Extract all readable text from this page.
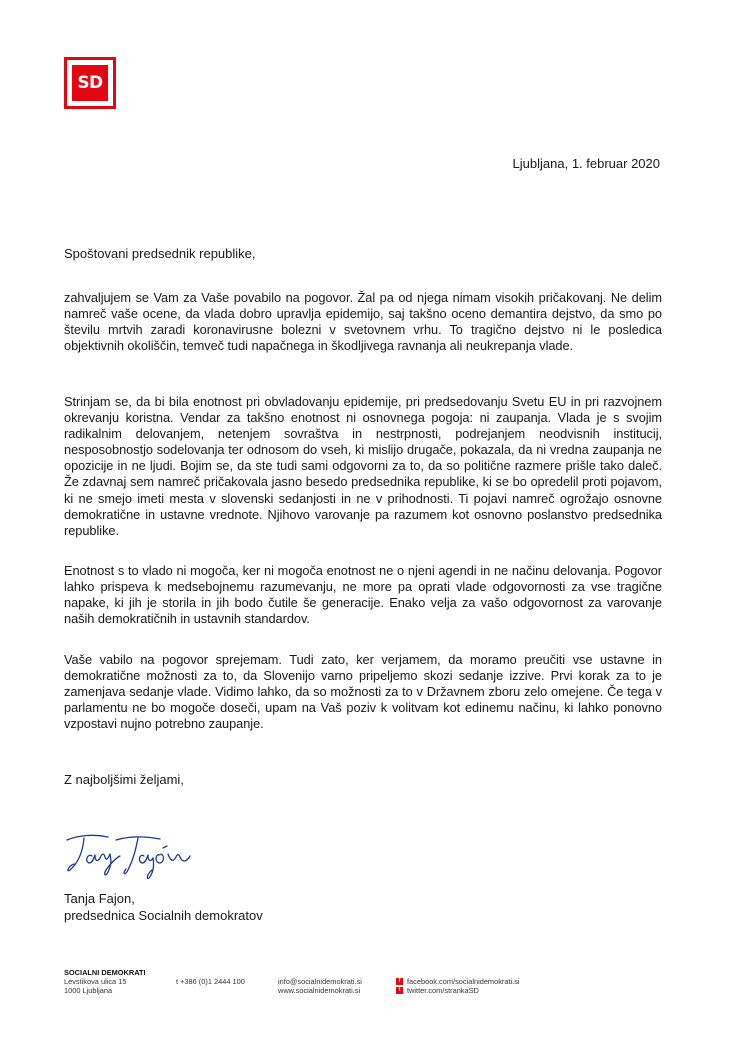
SD
Ljubljana, 1. februar 2020
Spoštovani predsednik republike,

zahvaljujem se Vam za Vaše povabilo na pogovor. Žal pa od njega nimam visokih pričakovanj. Ne delim namreč vaše ocene, da vlada dobro upravlja epidemijo, saj takšno oceno demantira dejstvo, da smo po številu mrtvih zaradi koronavirusne bolezni v svetovnem vrhu. To tragično dejstvo ni le posledica objektivnih okoliščin, temveč tudi napačnega in škodljivega ravnanja ali neukrepanja vlade.

Strinjam se, da bi bila enotnost pri obvladovanju epidemije, pri predsedovanju Svetu EU in pri razvojnem okrevanju koristna. Vendar za takšno enotnost ni osnovnega pogoja: ni zaupanja. Vlada je s svojim radikalnim delovanjem, netenjem sovraštva in nestrpnosti, podrejanjem neodvisnih institucij, nesposobnostjo sodelovanja ter odnosom do vseh, ki mislijo drugače, pokazala, da ni vredna zaupanja ne opozicije in ne ljudi. Bojim se, da ste tudi sami odgovorni za to, da so politične razmere prišle tako daleč. Že zdavnaj sem namreč pričakovala jasno besedo predsednika republike, ki se bo opredelil proti pojavom, ki ne smejo imeti mesta v slovenski sedanjosti in ne v prihodnosti. Ti pojavi namreč ogrožajo osnovne demokratične in ustavne vrednote. Njihovo varovanje pa razumem kot osnovno poslanstvo predsednika republike.

Enotnost s to vlado ni mogoča, ker ni mogoča enotnost ne o njeni agendi in ne načinu delovanja. Pogovor lahko prispeva k medsebojnemu razumevanju, ne more pa oprati vlade odgovornosti za vse tragične napake, ki jih je storila in jih bodo čutile še generacije. Enako velja za vašo odgovornost za varovanje naših demokratičnih in ustavnih standardov.

Vaše vabilo na pogovor sprejemam. Tudi zato, ker verjamem, da moramo preučiti vse ustavne in demokratične možnosti za to, da Slovenijo varno pripeljemo skozi sedanje izzive. Prvi korak za to je zamenjava sedanje vlade. Vidimo lahko, da so možnosti za to v Državnem zboru zelo omejene. Če tega v parlamentu ne bo mogoče doseči, upam na Vaš poziv k volitvam kot edinemu načinu, ki lahko ponovno vzpostavi nujno potrebno zaupanje.

Z najboljšimi željami,
Tanja Fajon,
predsednica Socialnih demokratov
SOCIALNI DEMOKRATI
Levstikova ulica 15
1000 Ljubljana
t +386 (0)1 2444 100	info@socialnidemokrati.si
www.socialnidemokrati.si
f facebook.com/socialnidemokrati.si
t twitter.com/strankaSD
